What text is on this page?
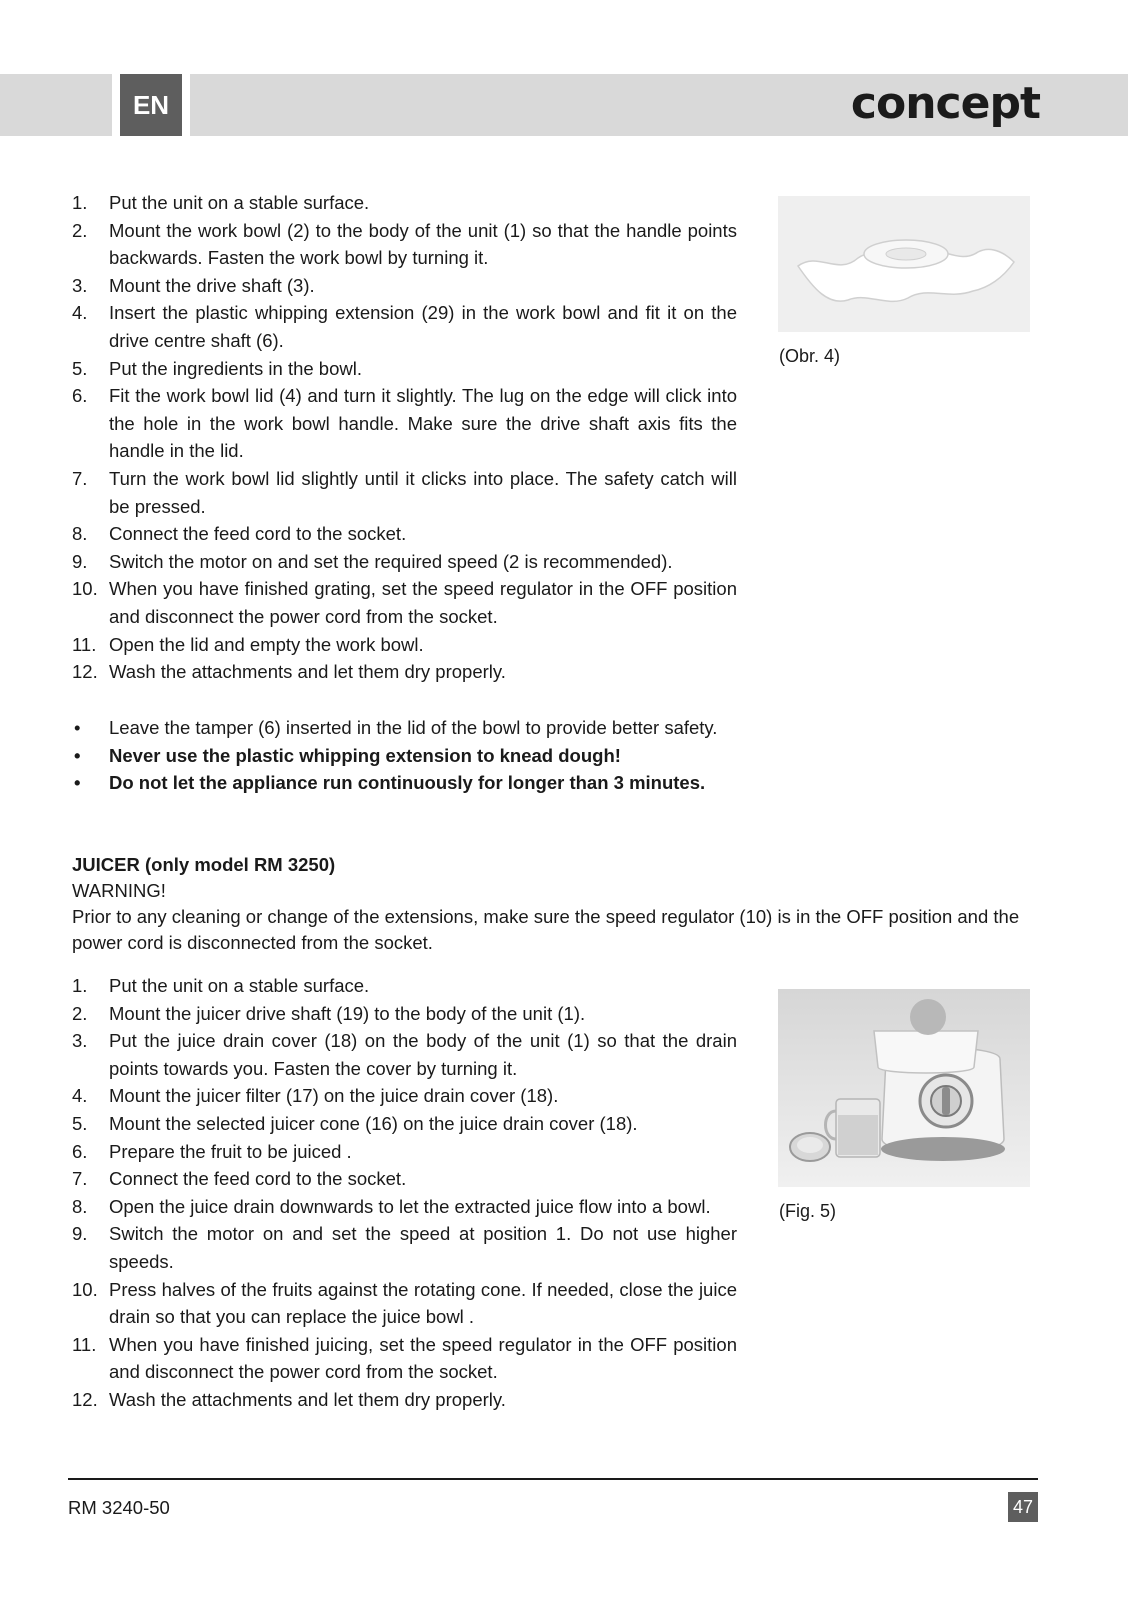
EN	concept
1.	Put the unit on a stable surface.
2.	Mount the work bowl (2) to the body of the unit (1) so that the handle points backwards. Fasten the work bowl by turning it.
3.	Mount the drive shaft (3).
4.	Insert the plastic whipping extension (29) in the work bowl and fit it on the drive centre shaft (6).
5.	Put the ingredients in the bowl.
6.	Fit the work bowl lid (4) and turn it slightly. The lug on the edge will click into the hole in the work bowl handle. Make sure the drive shaft axis fits the handle in the lid.
7.	Turn the work bowl lid slightly until it clicks into place. The safety catch will be pressed.
8.	Connect the feed cord to the socket.
9.	Switch the motor on and set the required speed (2 is recommended).
10. When you have finished grating, set the speed regulator in the OFF position and disconnect the power cord from the socket.
11. Open the lid and empty the work bowl.
12. Wash the attachments and let them dry properly.
(Obr. 4)
• Leave the tamper (6) inserted in the lid of the bowl to provide better safety.
• Never use the plastic whipping extension to knead dough!
• Do not let the appliance run continuously for longer than 3 minutes.
JUICER (only model RM 3250)
WARNING!
Prior to any cleaning or change of the extensions, make sure the speed regulator (10) is in the OFF position and the power cord is disconnected from the socket.
1.	Put the unit on a stable surface.
2.	Mount the juicer drive shaft (19) to the body of the unit (1).
3.	Put the juice drain cover (18) on the body of the unit (1) so that the drain points towards you. Fasten the cover by turning it.
4.	Mount the juicer filter (17) on the juice drain cover (18).
5.	Mount the selected juicer cone (16) on the juice drain cover (18).
6.	Prepare the fruit to be juiced .
7.	Connect the feed cord to the socket.
8.	Open the juice drain downwards to let the extracted juice flow into a bowl.
9.	Switch the motor on and set the speed at position 1. Do not use higher speeds.
10. Press halves of the fruits against the rotating cone. If needed, close the juice drain so that you can replace the juice bowl .
11. When you have finished juicing, set the speed regulator in the OFF position and disconnect the power cord from the socket.
12. Wash the attachments and let them dry properly.
(Fig. 5)
RM 3240-50	47
